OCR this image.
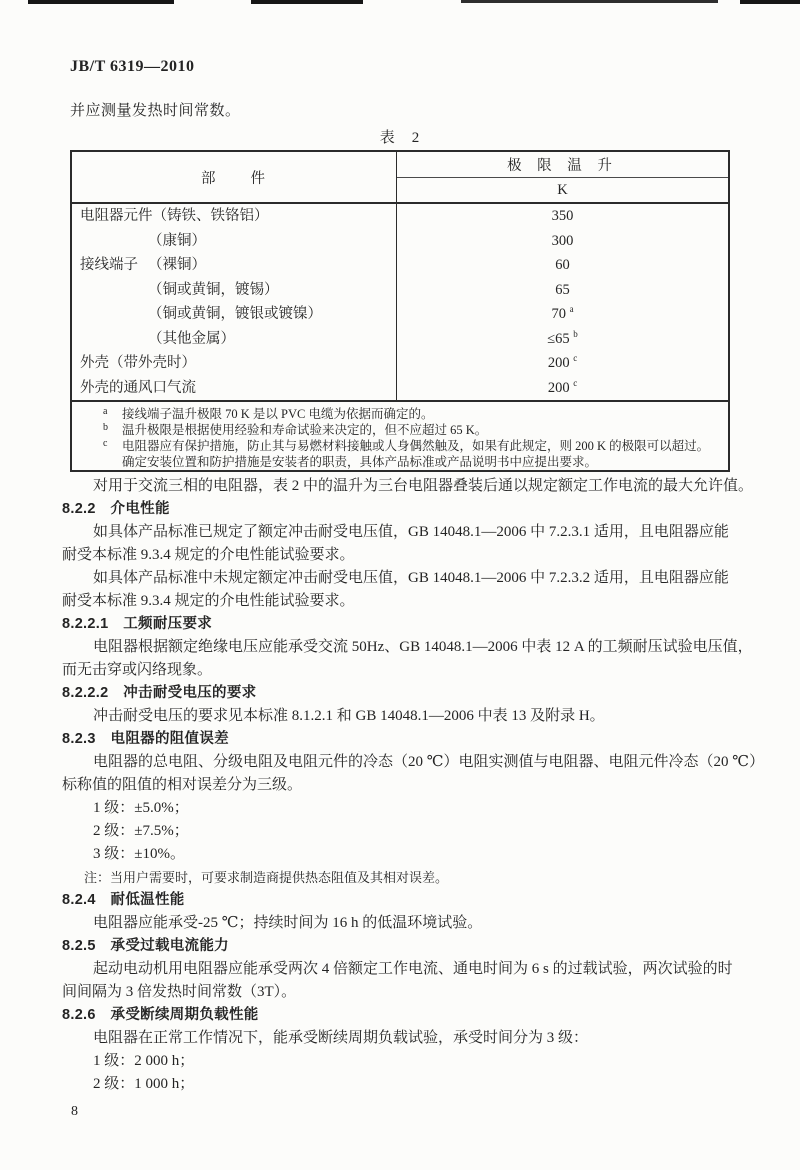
JB/T 6319—2010
并应测量发热时间常数。
表　2
部　　件
极 限 温 升
K
电阻器元件（铸铁、铁铬铝）	350
（康铜）	300
接线端子 （裸铜）	60
（铜或黄铜，镀锡）	65
（铜或黄铜，镀银或镀镍）	70 $^a$
（其他金属）	≤65 $^b$
外壳（带外壳时）	200 $^c$
外壳的通风口气流	200 $^c$
a 接线端子温升极限 70 K 是以 PVC 电缆为依据而确定的。
b 温升极限是根据使用经验和寿命试验来决定的，但不应超过 65 K。
c 电阻器应有保护措施，防止其与易燃材料接触或人身偶然触及，如果有此规定，则 200 K 的极限可以超过。
确定安装位置和防护措施是安装者的职责，具体产品标准或产品说明书中应提出要求。
对用于交流三相的电阻器，表 2 中的温升为三台电阻器叠装后通以规定额定工作电流的最大允许值。
8.2.2　介电性能
如具体产品标准已规定了额定冲击耐受电压值，GB 14048.1—2006 中 7.2.3.1 适用，且电阻器应能
耐受本标准 9.3.4 规定的介电性能试验要求。
如具体产品标准中未规定额定冲击耐受电压值，GB 14048.1—2006 中 7.2.3.2 适用，且电阻器应能
耐受本标准 9.3.4 规定的介电性能试验要求。
8.2.2.1　工频耐压要求
电阻器根据额定绝缘电压应能承受交流 50Hz、GB 14048.1—2006 中表 12 A 的工频耐压试验电压值，
而无击穿或闪络现象。
8.2.2.2　冲击耐受电压的要求
冲击耐受电压的要求见本标准 8.1.2.1 和 GB 14048.1—2006 中表 13 及附录 H。
8.2.3　电阻器的阻值误差
电阻器的总电阻、分级电阻及电阻元件的冷态（20 ℃）电阻实测值与电阻器、电阻元件冷态（20 ℃）
标称值的阻值的相对误差分为三级。
1 级：±5.0%；
2 级：±7.5%；
3 级：±10%。
注：当用户需要时，可要求制造商提供热态阻值及其相对误差。
8.2.4　耐低温性能
电阻器应能承受-25 ℃；持续时间为 16 h 的低温环境试验。
8.2.5　承受过载电流能力
起动电动机用电阻器应能承受两次 4 倍额定工作电流、通电时间为 6 s 的过载试验，两次试验的时
间间隔为 3 倍发热时间常数（3T）。
8.2.6　承受断续周期负载性能
电阻器在正常工作情况下，能承受断续周期负载试验，承受时间分为 3 级：
1 级：2 000 h；
2 级：1 000 h；
8
